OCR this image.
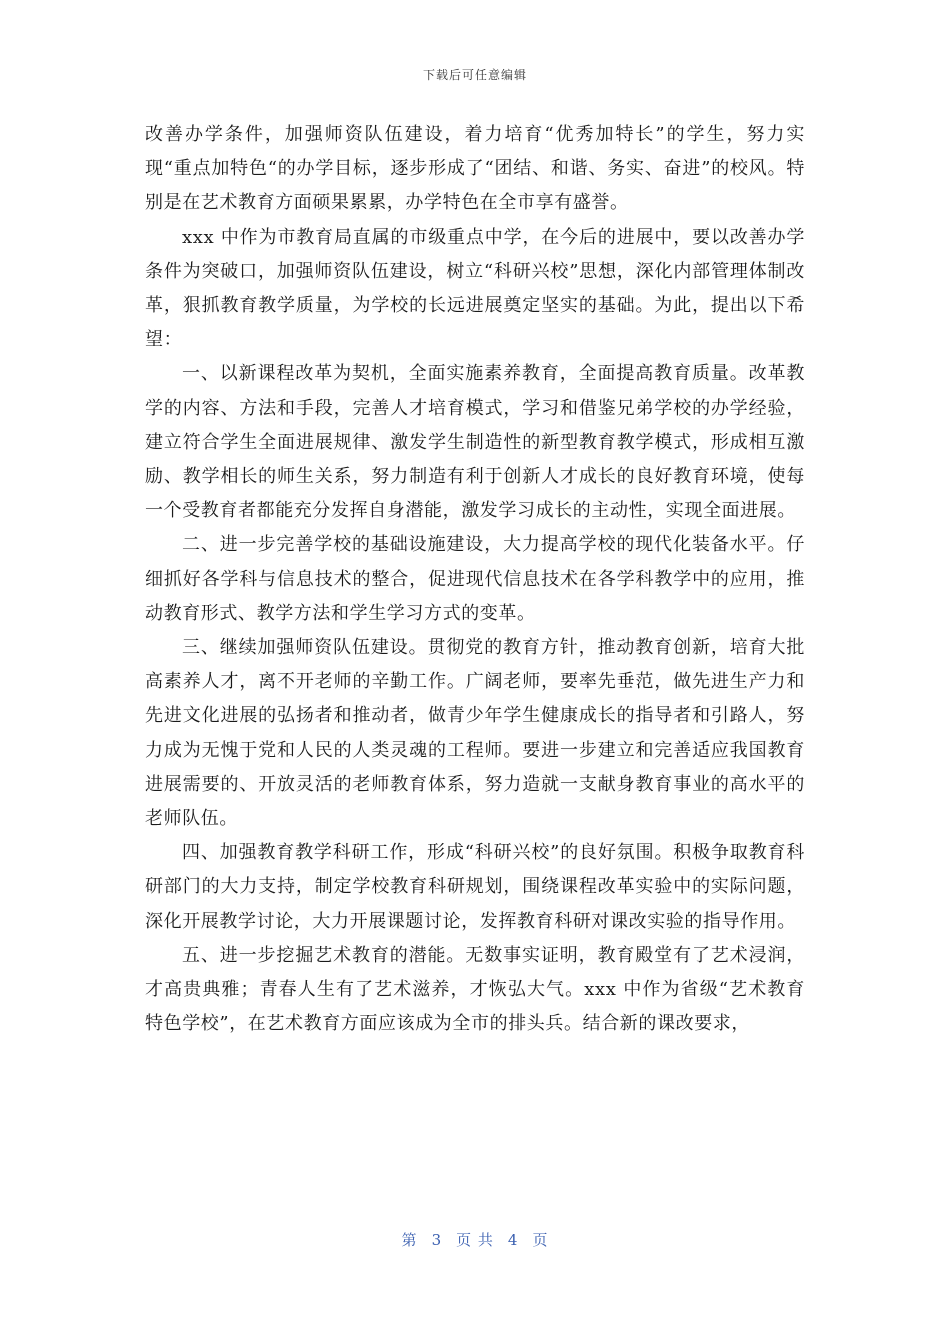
下载后可任意编辑

改善办学条件，加强师资队伍建设，着力培育“优秀加特长”的学生，努力实现“重点加特色“的办学目标，逐步形成了“团结、和谐、务实、奋进”的校风。特别是在艺术教育方面硕果累累，办学特色在全市享有盛誉。

xxx 中作为市教育局直属的市级重点中学，在今后的进展中，要以改善办学条件为突破口，加强师资队伍建设，树立“科研兴校”思想，深化内部管理体制改革，狠抓教育教学质量，为学校的长远进展奠定坚实的基础。为此，提出以下希望：

一、以新课程改革为契机，全面实施素养教育，全面提高教育质量。改革教学的内容、方法和手段，完善人才培育模式，学习和借鉴兄弟学校的办学经验，建立符合学生全面进展规律、激发学生制造性的新型教育教学模式，形成相互激励、教学相长的师生关系，努力制造有利于创新人才成长的良好教育环境，使每一个受教育者都能充分发挥自身潜能，激发学习成长的主动性，实现全面进展。

二、进一步完善学校的基础设施建设，大力提高学校的现代化装备水平。仔细抓好各学科与信息技术的整合，促进现代信息技术在各学科教学中的应用，推动教育形式、教学方法和学生学习方式的变革。

三、继续加强师资队伍建设。贯彻党的教育方针，推动教育创新，培育大批高素养人才，离不开老师的辛勤工作。广阔老师，要率先垂范，做先进生产力和先进文化进展的弘扬者和推动者，做青少年学生健康成长的指导者和引路人，努力成为无愧于党和人民的人类灵魂的工程师。要进一步建立和完善适应我国教育进展需要的、开放灵活的老师教育体系，努力造就一支献身教育事业的高水平的老师队伍。

四、加强教育教学科研工作，形成“科研兴校”的良好氛围。积极争取教育科研部门的大力支持，制定学校教育科研规划，围绕课程改革实验中的实际问题，深化开展教学讨论，大力开展课题讨论，发挥教育科研对课改实验的指导作用。

五、进一步挖掘艺术教育的潜能。无数事实证明，教育殿堂有了艺术浸润，才高贵典雅；青春人生有了艺术滋养，才恢弘大气。xxx 中作为省级“艺术教育特色学校”，在艺术教育方面应该成为全市的排头兵。结合新的课改要求，

第 3 页 共 4 页
